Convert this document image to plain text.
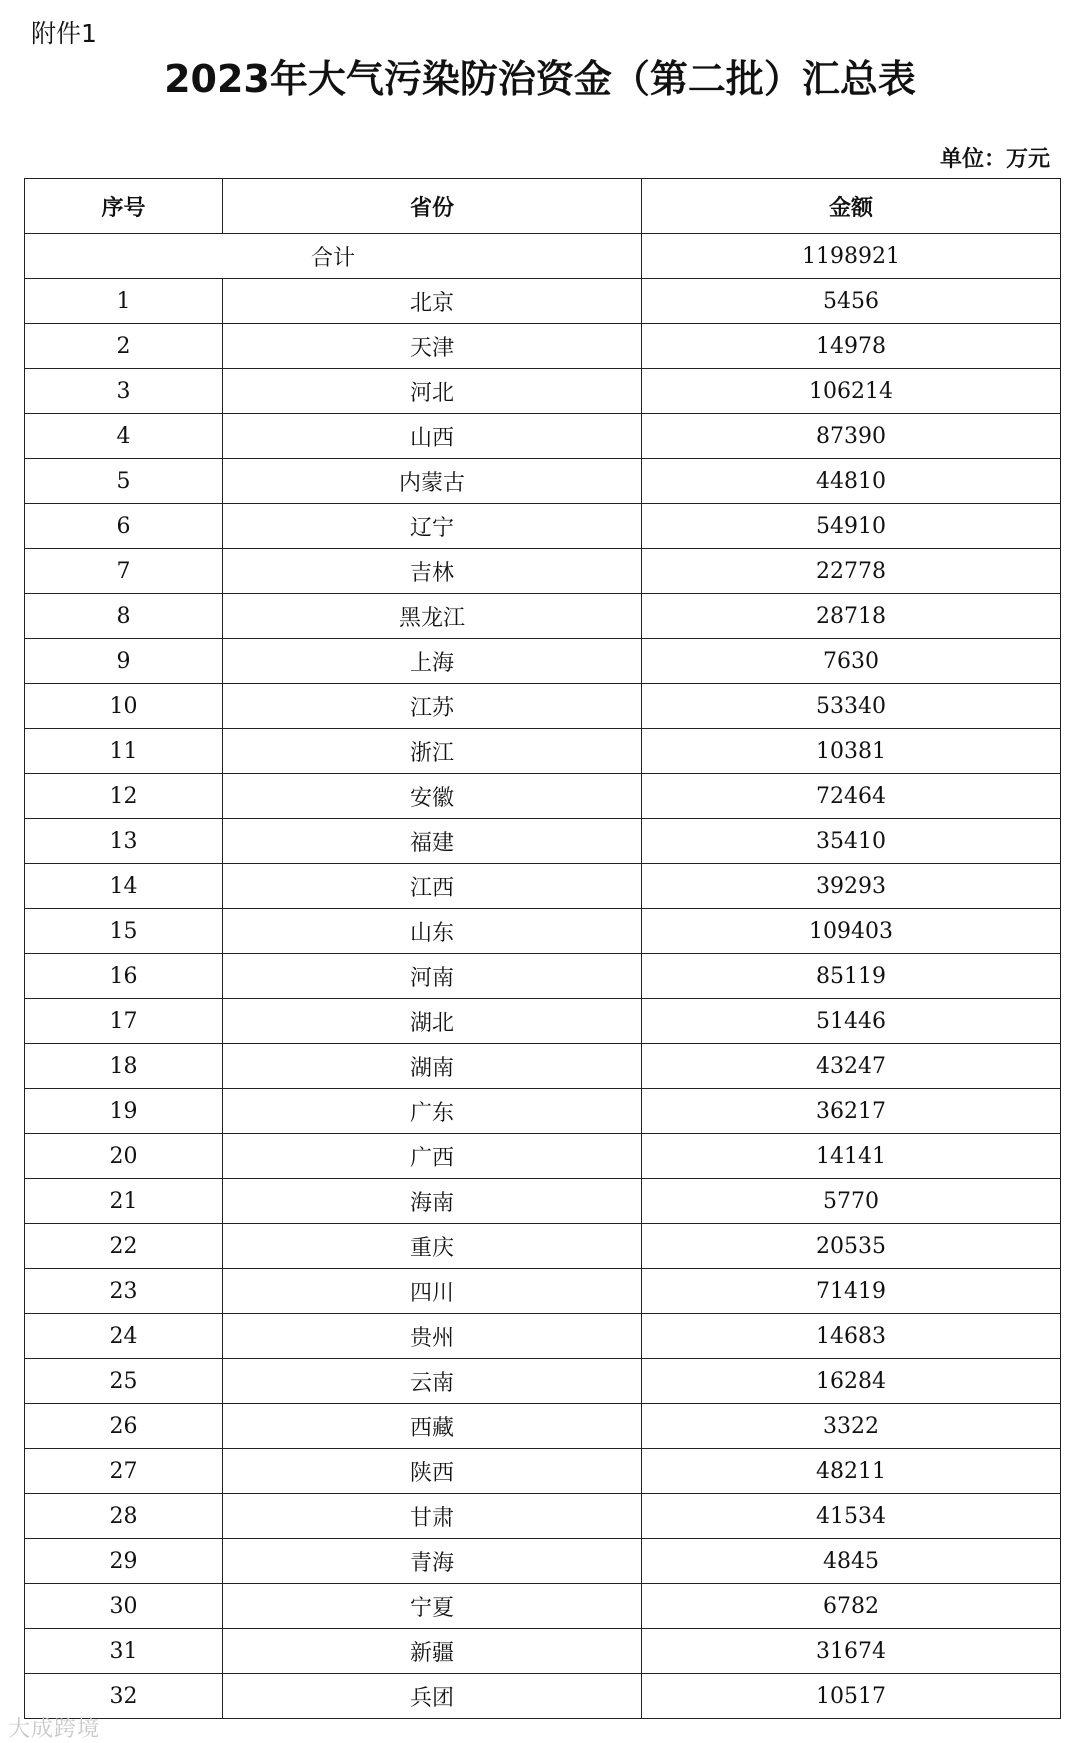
附件1
2023年大气污染防治资金（第二批）汇总表
单位：万元
序号	省份	金额
合计		1198921
1	北京	5456
2	天津	14978
3	河北	106214
4	山西	87390
5	内蒙古	44810
6	辽宁	54910
7	吉林	22778
8	黑龙江	28718
9	上海	7630
10	江苏	53340
11	浙江	10381
12	安徽	72464
13	福建	35410
14	江西	39293
15	山东	109403
16	河南	85119
17	湖北	51446
18	湖南	43247
19	广东	36217
20	广西	14141
21	海南	5770
22	重庆	20535
23	四川	71419
24	贵州	14683
25	云南	16284
26	西藏	3322
27	陕西	48211
28	甘肃	41534
29	青海	4845
30	宁夏	6782
31	新疆	31674
32	兵团	10517
大成跨境
